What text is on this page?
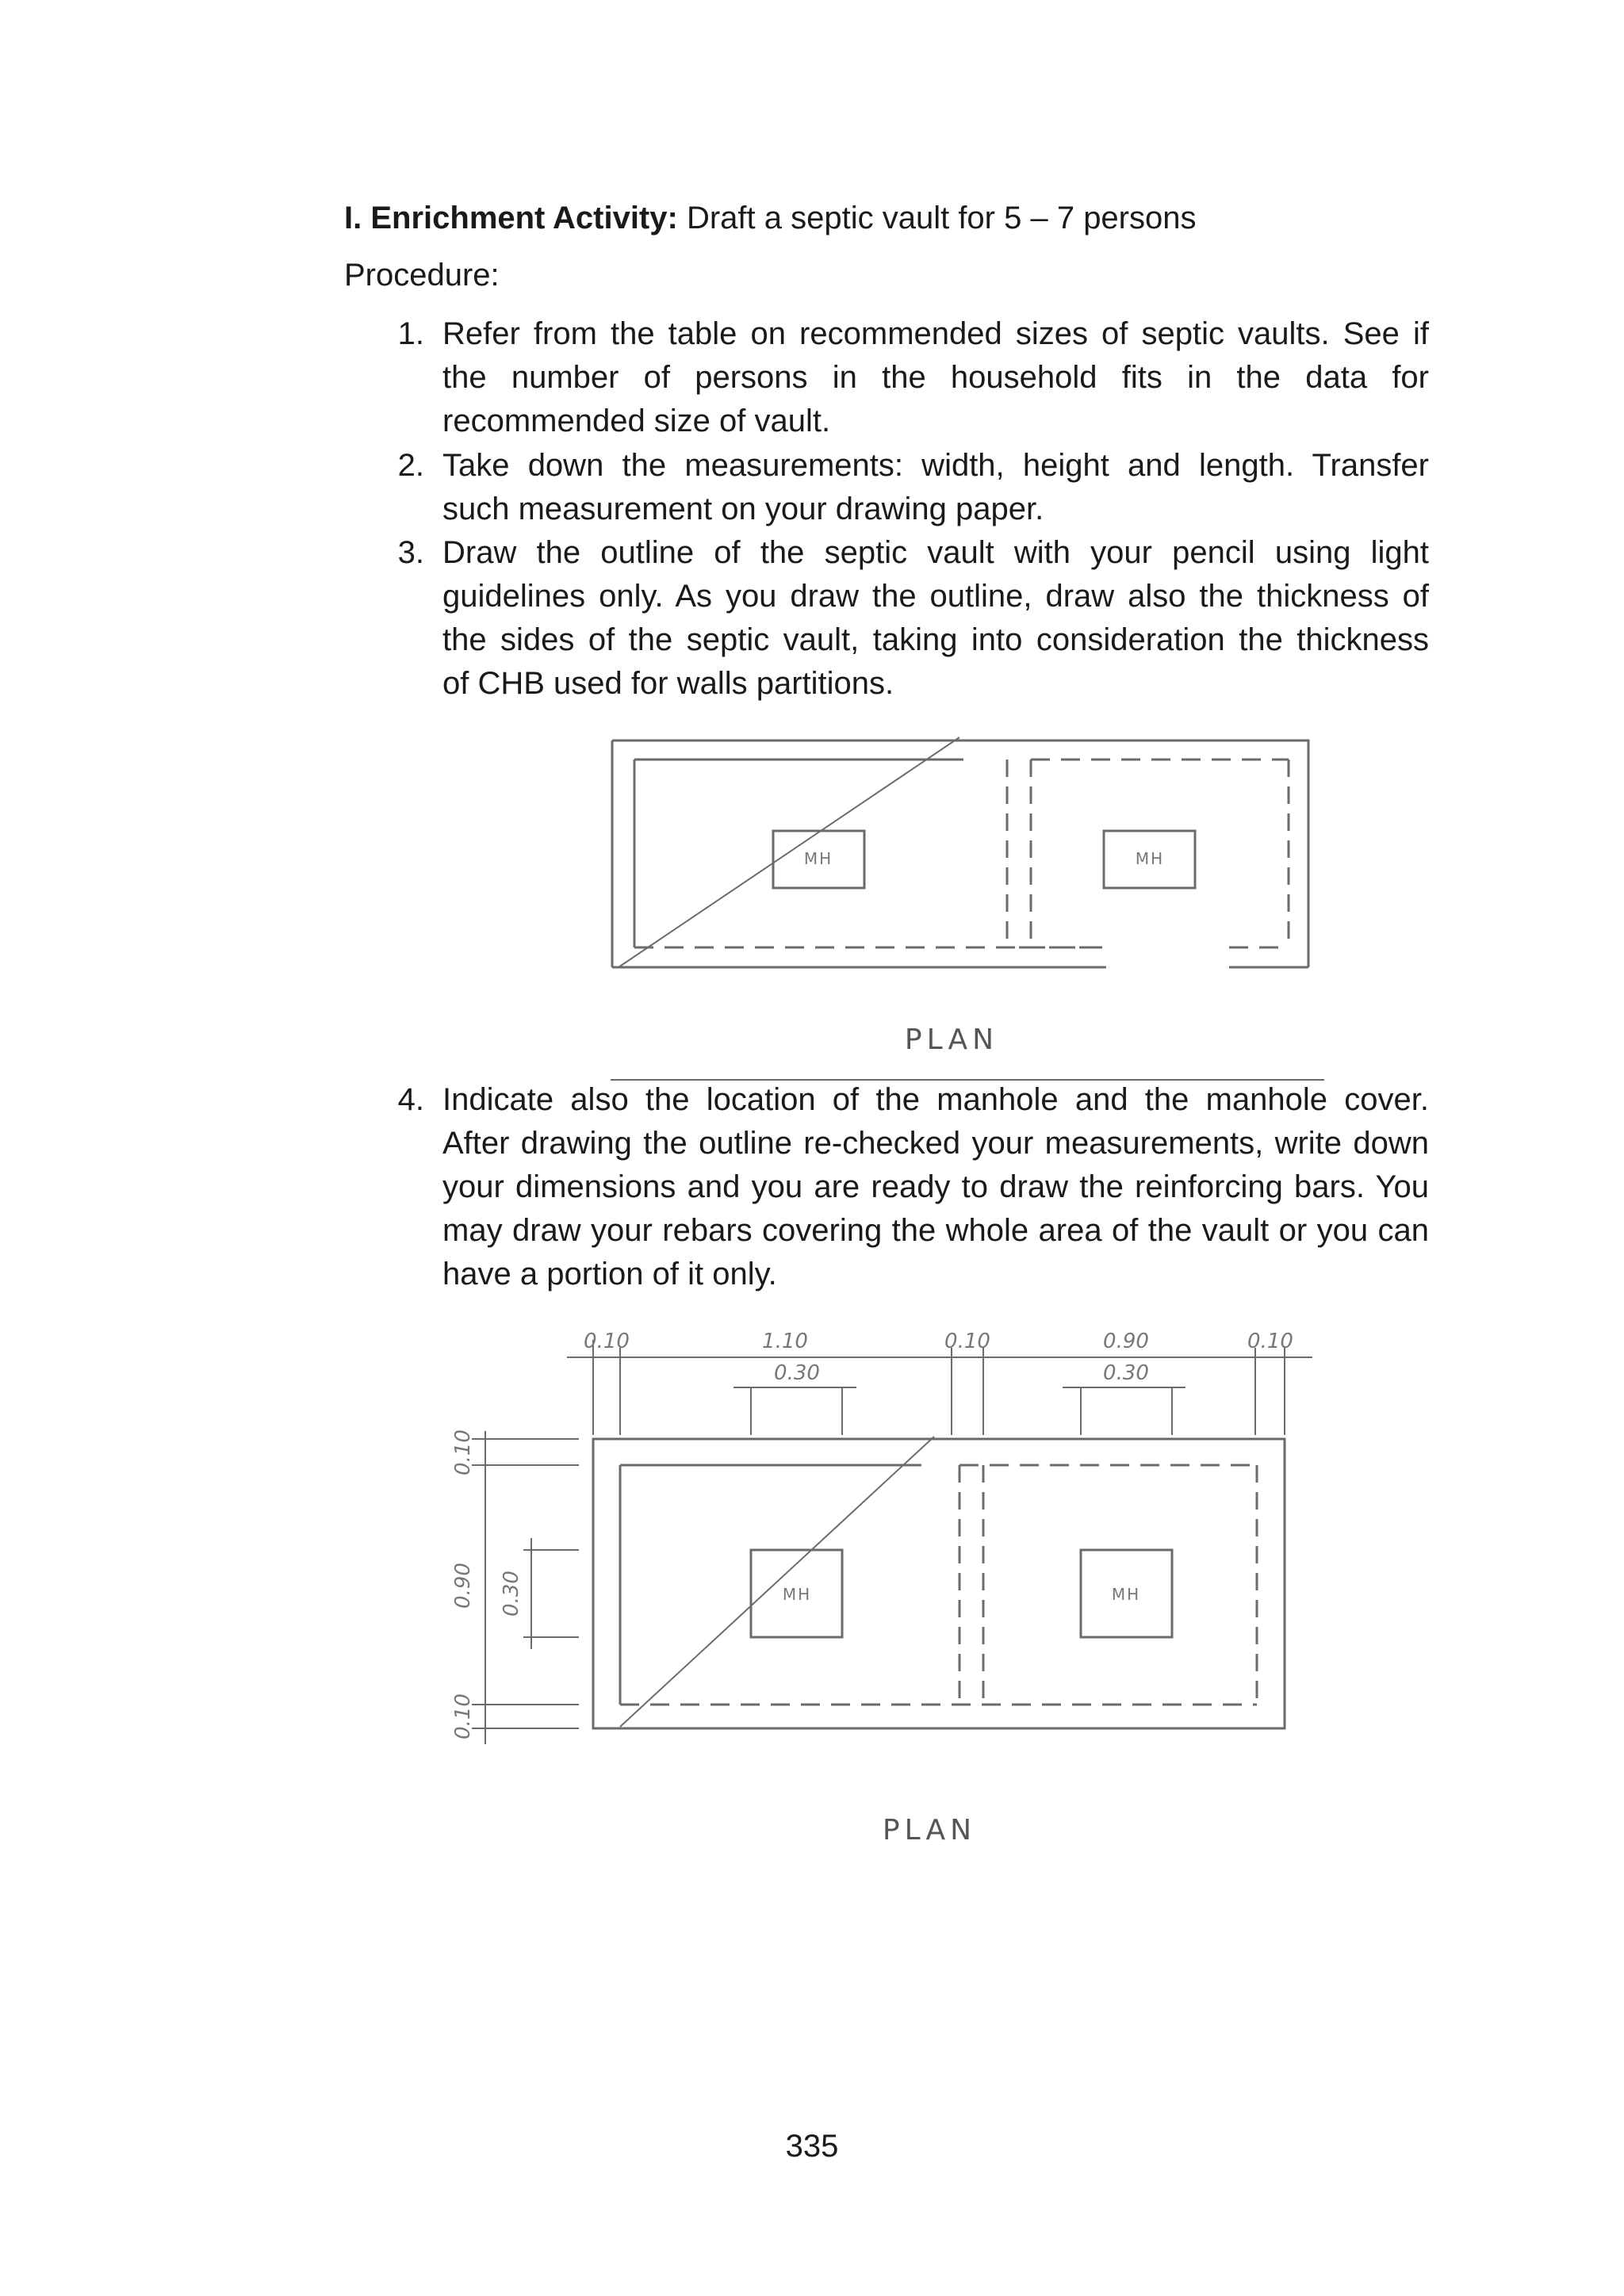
I. Enrichment Activity: Draft a septic vault for 5 – 7 persons
Procedure:
1. Refer from the table on recommended sizes of septic vaults. See if
the number of persons in the household fits in the data for
recommended size of vault.
2. Take down the measurements: width, height and length. Transfer
such measurement on your drawing paper.
3. Draw the outline of the septic vault with your pencil using light
guidelines only. As you draw the outline, draw also the thickness of
the sides of the septic vault, taking into consideration the thickness
of CHB used for walls partitions.
MH	MH
PLAN
4. Indicate also the location of the manhole and the manhole cover.
After drawing the outline re-checked your measurements, write down
your dimensions and you are ready to draw the reinforcing bars. You
may draw your rebars covering the whole area of the vault or you can
have a portion of it only.
0.10	1.10
0.30
0.10	0.90
0.30
0.10
0.10
0.90 0.30
0.10
MH	MH
PLAN
335
